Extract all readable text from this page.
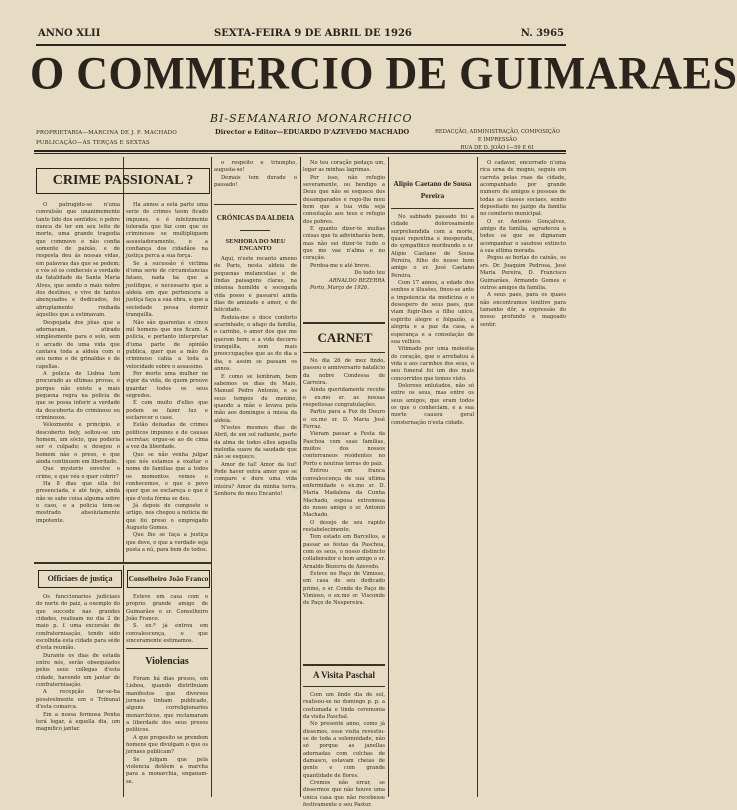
ANNO XLII	SEXTA-FEIRA 9 DE ABRIL DE 1926	N. 3965
O COMMERCIO DE GUIMARAES
BI-SEMANARIO MONARCHICO
PROPRIETARIA—MARCINA DE J. F. MACHADO
PUBLICAÇÃO—ÁS TERÇAS E SEXTAS
Director e Editor—EDUARDO D'AZEVEDO MACHADO	REDACÇÃO, ADMINISTRAÇÃO, COMPOSIÇÃO
E IMPRESSÃO
RUA DE D. JOÃO I—59 E 61
CRIME PASSIONAL ?

O patrugido-se n'uma convulsão que unanimemente tanto lido dos sentidos; o pobre nunca de ter em seu leito de morte, uma grande tragedia que commove e não confia somente de paixão, e de resposta deu ás nossas vidas, em palavras das que se pedem; e vós só os conheceis a verdade da fatalidade da Santa Maria Alves, que sendo o mais nobre dos destinos, e vive de tantos abençoados e dedicados, foi abruptamente roubada áquelles que a estimavam.

Despojada dos jóias que a adornavam, atirado simplesmente para o solo, sem o arcado de uma vida que cantava toda a aldeia com o seu nome e de grinaldas e de capellas.

A policia de Lisboa tem procurado as ultimas provas, é porque não existe a mais pequena regra na policia de que se possa inferir a verdade da descoberta do criminoso ou criminosos.

Velozmente e principio, e descoberto bely, soltou-se um homem, um sócio, que poderia ser o culpado; e desejou o homem não o preso, e que ainda continuem em liberdade.

Que mysterio envolve o crime, e que véu o quer cobrir?

Ha 8 dias que ella foi presenciada, e até hoje, ainda não se sabe coisa alguma sobre o caso, e a policia tem-se mostrado absolutamente impotente.

Ha annos a esta parte uma serie de crimes teem ficado impunes, e é infelizmente tolerada que faz com que os criminosos se multipliquem assustadoramente, e a confiança dos cidadãos na justiça perca a sua força.

Se a sucessão é victima d'uma serie de circumstancias fataes, nada ha que a justifique, e necessario que a aldeia em que pertencera a justiça faça a sua obra, e que a sociedade possa dormir tranquilla.

Não são quarentas e cinco mil homens que nos ficam. A policia, e portanto interpretar d'uma parte de opinião publica, quer que a mão do criminoso cahia a toda a velocidade sobre o assassino.

Por morte uma mulher ne vigor da vida, de quem prouve guardar todos os seus segredos.

É com muito d'elles que podem se fazer luz e esclarecer o caso.

Estão deixadas de crimes politicos impunes e de causas secretas; ergue-se ao de cima a voz da liberdade.

Que se não venha julgar que nós estamos a exaltar o nome de familias que a todos os momentos vemos e conhecemos, e que o povo quer que se esclareça o que é que d'esta fórma se deu.

Já depois de composto o artigo, nos chegou a noticia de que foi preso o empregado Augusto Gomes.

Que lhe se faça a justiça que deve, e que a verdade seja posta a nú, para bem de todos.

Officiaes de justiça

Os funccionarios judiciaes do norte do paiz, a exemplo do que succede nas grandes cidades, realisam no dia 2 de maio p. f. uma excursão de confraternisação, tendo sido escolhida esta cidade para séde d'esta reunião.

Durante os dias de estada entre nós, serão obsequiados pelos seus collegas d'esta cidade, havendo um jantar de confraternisação.

A recepção far-se-ha possivelmente em o Tribunal d'esta comarca.

Em a nossa formosa Penha terá logar, á equella dia, um magnifico jantar.

Conselheiro João Franco

Esteve em casa com o proprio grande amigo de Guimarães o sr. Conselheiro João Franco.

S. ex.ª já entrou em convalescença, o que sinceramente estimamos.

Violencias

Foram há dias presos, em Lisboa, quando distribuiam manifestos que diversos jornaes tinham publicado, alguns correligionarios monarchicos, que reclamaram a liberdade dos seus presos políticos.

A que proposito se prendem homens que divulgam o que os jornaes publicam?

Se julgam que pela violencia detêem a marcha para a monarchia, enganam-se.

o respeito e triumpho, augusta-se!

Demais tem durado o passado!

CRÓNICAS DA ALDEIA
SENHORA DO MEU ENCANTO

Aqui, n'este recanto ameno de Paris, nesta aldeia de pequenas melancolias e de lindas paisagens claras, na intensa humilde e socegada vida posso e passarei ainda dias de amizade e amor, e de felicidade.

Rodeia-me o doce conforto acarinhado, o afago da familia, o carinho, o amor dos que me querem bem; e a vida decorre tranquilla, sem mais preoccupações que as do dia a dia, e assim se passam os annos.

E como se lembram, bem sabemos os dias de Maio, Manuel Pedro Antonio, e os seus tempos de menino, quando a mãe o levava pela mão aos domingos á missa da aldeia.

N'estes mesmos dias de Abril, de um sol radiante, parte da alma de todos elles aquella melodia suave da saudade que não se esquece.

Amor de tal! Amor da luz! Pode haver outra amor que se compare e dure uma vida inteira? Amor da minha terra, Senhora do meu Encanto!

No teu coração pedaço um, logar as minhas lagrimas.

Por isso, não refugio severamente, ou bendigo a Deus que não se esquece dos desamparados e rogo-lhe meu bem que a tua vida seja consolação aos teus e refugio dos pobres.

E quanto dizer-te muitas coisas que tu adivinharás bem, mas não sei dizer-te tudo o que me vae n'alma e no coração.

Perdoa-me e até breve.

Do todo teu

ARNALDO BEZERRA

Porto, Março de 1926.

CARNET

No dia 26 de mez findo, passou o anniversario natalicio da nobre Condessa de Carreira.

Ainda queridamente recebe o ex.mo sr. as nossas respeitosas congratulações.

Partiu para a Foz do Douro o ex.mo sr. D. Maria José Ferraz.

Vieram passar a Festa da Paschoa com suas familias, muitos dos nossos conterraneos residentes no Porto e noutras terras do paiz.

Entrou em franca convalescença de sua ultima enfermidade o ex.mo sr. D. Maria Madalena da Cunha Machado, esposa extremosa do nosso amigo o sr. Antonio Machado.

O desejo de seu rapido restabelecimento.

Tem estado em Barcellos, a passar as festas da Paschoa, com os seus, o nosso distincto collaborador e bom amigo o sr. Arnaldo Bezerra de Azevedo.

Esteve no Paço de Vimioso, em casa de seu dedicado primo, o sr. Conde do Paço de Vimioso, o ex.mo sr. Visconde de Paço de Nespereira.

A Visita Paschal

Com um lindo dia de sol, realisou-se no domingo p. p. a costumada e linda ceremonia da visita Paschal.

No presente anno, como já dissemos, esse visita revestiu-se de toda a solemnidade, não só porque as janellas adornadas com colchas de damasco, estavam cheias de gente e com grande quantidade de flores.

Cremos não errar, se dissermos que não houve uma unica casa que não recebesse festivamente o seu Pastor.

Alipio Caetano de Sousa Pereira

No sabbado passado foi a cidade dolorosamente surprehendida com a morte, quasi repentina e inesperada, do sympathico moribundo o sr. Alipio Caetano de Sousa Pereira, filho do nosso bom amigo o sr. José Caetano Pereira.

Com 17 annos, a edade dos sonhos e illusões, finou-se ante a impotencia da medicina e o desespero de seus paes, que viam fugir-lhes a filho unico, espirito alegre e folgazão, a alegria e a paz da casa, a esperança e a consolação de sua velhice.

Vitimado por uma molestia de coração, que o arrebatou á vida e aos carinhos dos seus, o seu funeral foi um dos mais concorridos que temos visto.

Doloroso enlutados, não só entre os seus, mas entre os seus amigos, que eram todos os que o conheciam, e a sua morte causou geral consternação n'esta cidade.

O cadaver, encerrado n'uma rica urna de mogno, seguiu em carreta pelas ruas da cidade, acompanhado por grande numero de amigos e pessoas de todas as classes sociaes, sendo depositado no jazigo da familia no cemiterio municipal.

O sr. Antonio Gonçalves, amigo da familia, agradeceu a todos os que se dignaram acompanhar o saudoso extincto á sua ultima morada.

Pegou as borlas do caixão, os srs. Dr. Joaquim Pedrosa, José Maria Pereira, D. Francisco Guimarães, Armando Gomes e outros amigos da familia.

A seus paes, para os quaes não encontramos lenitivo para tamanho dôr, a expressão do nosso profundo e magoado sentir.
